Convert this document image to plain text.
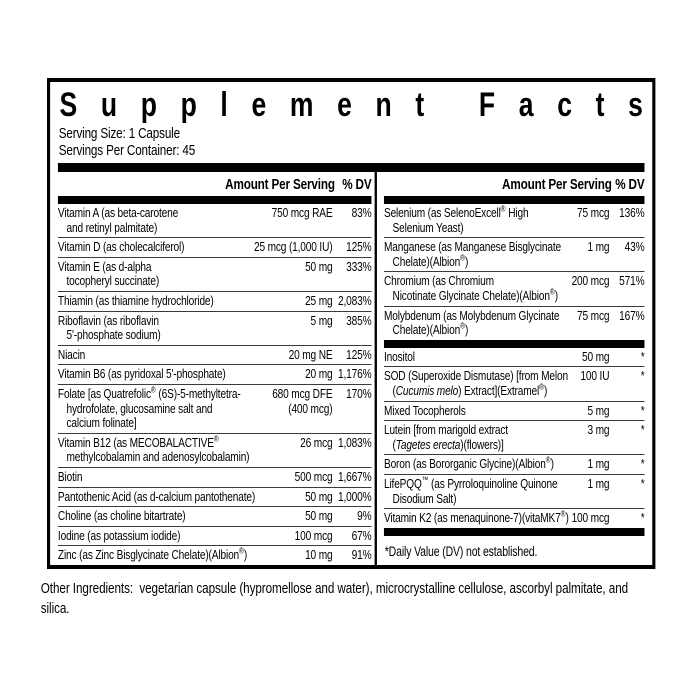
S u p p l e m e n t
F a c t s
Serving Size: 1 Capsule
Servings Per Container: 45
Amount Per Serving % DV
Vitamin A (as beta-carotene
and retinyl palmitate)
750 mcg RAE	83%
Vitamin D (as cholecalciferol)	25 mcg (1,000 IU)	125%
Vitamin E (as d-alpha
tocopheryl succinate)
50 mg	333%
Thiamin (as thiamine hydrochloride)	25 mg 2,083%
Riboflavin (as riboflavin
5'-phosphate sodium)
5 mg	385%
Niacin	20 mg NE	125%
Vitamin B6 (as pyridoxal 5'-phosphate)	20 mg 1,176%
Folate [as Quatrefolic® (6S)-5-methyltetra-
hydrofolate, glucosamine salt and
calcium folinate]
680 mcg DFE
(400 mcg)
170%
Vitamin B12 (as MECOBALACTIVE®
methylcobalamin and adenosylcobalamin)
26 mcg 1,083%
Biotin	500 mcg 1,667%
Pantothenic Acid (as d-calcium pantothenate)	50 mg 1,000%
Choline (as choline bitartrate)	50 mg	9%
Iodine (as potassium iodide)	100 mcg	67%
Zinc (as Zinc Bisglycinate Chelate)(Albion®)	10 mg	91%
Amount Per Serving % DV
Selenium (as SelenoExcell® High
Selenium Yeast)
75 mcg 136%
Manganese (as Manganese Bisglycinate
Chelate)(Albion®)
1 mg	43%
Chromium (as Chromium
Nicotinate Glycinate Chelate)(Albion®)
200 mcg 571%
Molybdenum (as Molybdenum Glycinate
Chelate)(Albion®)
75 mcg 167%
Inositol	50 mg	*
SOD (Superoxide Dismutase) [from Melon
(Cucumis melo) Extract](Extramel®)
100 IU	*
Mixed Tocopherols	5 mg	*
Lutein [from marigold extract
(Tagetes erecta)(flowers)]
3 mg	*
Boron (as Bororganic Glycine)(Albion®)	1 mg	*
LifePQQ™ (as Pyrroloquinoline Quinone
Disodium Salt)
1 mg	*
Vitamin K2 (as menaquinone-7)(vitaMK7®) 100 mcg	*
*Daily Value (DV) not established.
Other Ingredients:  vegetarian capsule (hypromellose and water), microcrystalline cellulose, ascorbyl palmitate, and silica.
